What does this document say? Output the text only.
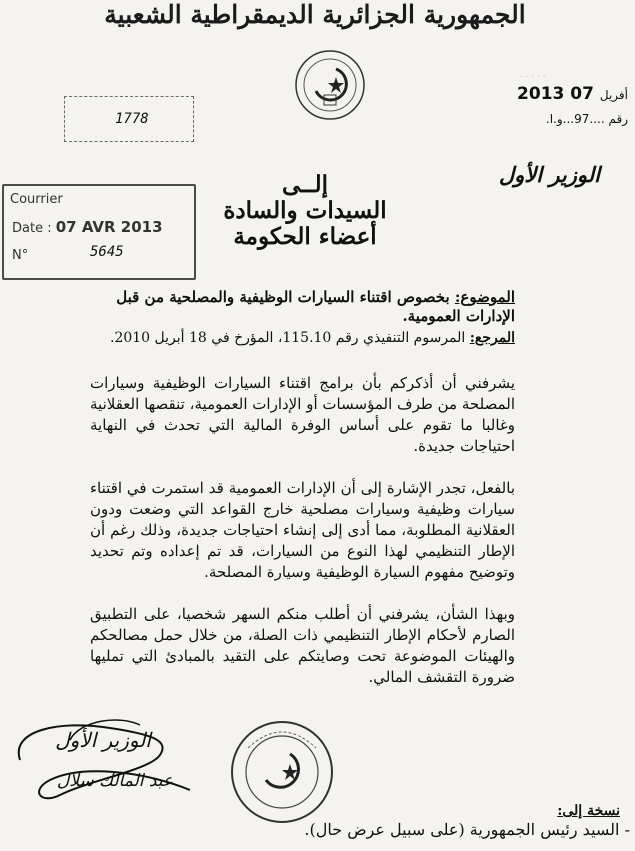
. . . . .
الجمهورية الجزائرية الديمقراطية الشعبية
2013	أفريل 07
رقم ....97...و.ا.
الوزير الأول
1778
Courrier
Date : 07 AVR 2013
N°	5645
إلــى
السيدات والسادة
أعضاء الحكومة
الموضوع: بخصوص اقتناء السيارات الوظيفية والمصلحية من قبل الإدارات العمومية.
المرجع: المرسوم التنفيذي رقم 115.10، المؤرخ في 18 أبريل 2010.
يشرفني أن أذكركم بأن برامج اقتناء السيارات الوظيفية وسيارات المصلحة من طرف المؤسسات أو الإدارات العمومية، تنقصها العقلانية وغالبا ما تقوم على أساس الوفرة المالية التي تحدث في النهاية احتياجات جديدة.
بالفعل، تجدر الإشارة إلى أن الإدارات العمومية قد استمرت في اقتناء سيارات وظيفية وسيارات مصلحية خارج القواعد التي وضعت ودون العقلانية المطلوبة، مما أدى إلى إنشاء احتياجات جديدة، وذلك رغم أن الإطار التنظيمي لهذا النوع من السيارات، قد تم إعداده وتم تحديد وتوضيح مفهوم السيارة الوظيفية وسيارة المصلحة.
وبهذا الشأن، يشرفني أن أطلب منكم السهر شخصيا، على التطبيق الصارم لأحكام الإطار التنظيمي ذات الصلة، من خلال حمل مصالحكم والهيئات الموضوعة تحت وصايتكم على التقيد بالمبادئ التي تمليها ضرورة التقشف المالي.
الوزير الأول
عبد المالك سلال
نسخة إلى:
- السيد رئيس الجمهورية (على سبيل عرض حال).
